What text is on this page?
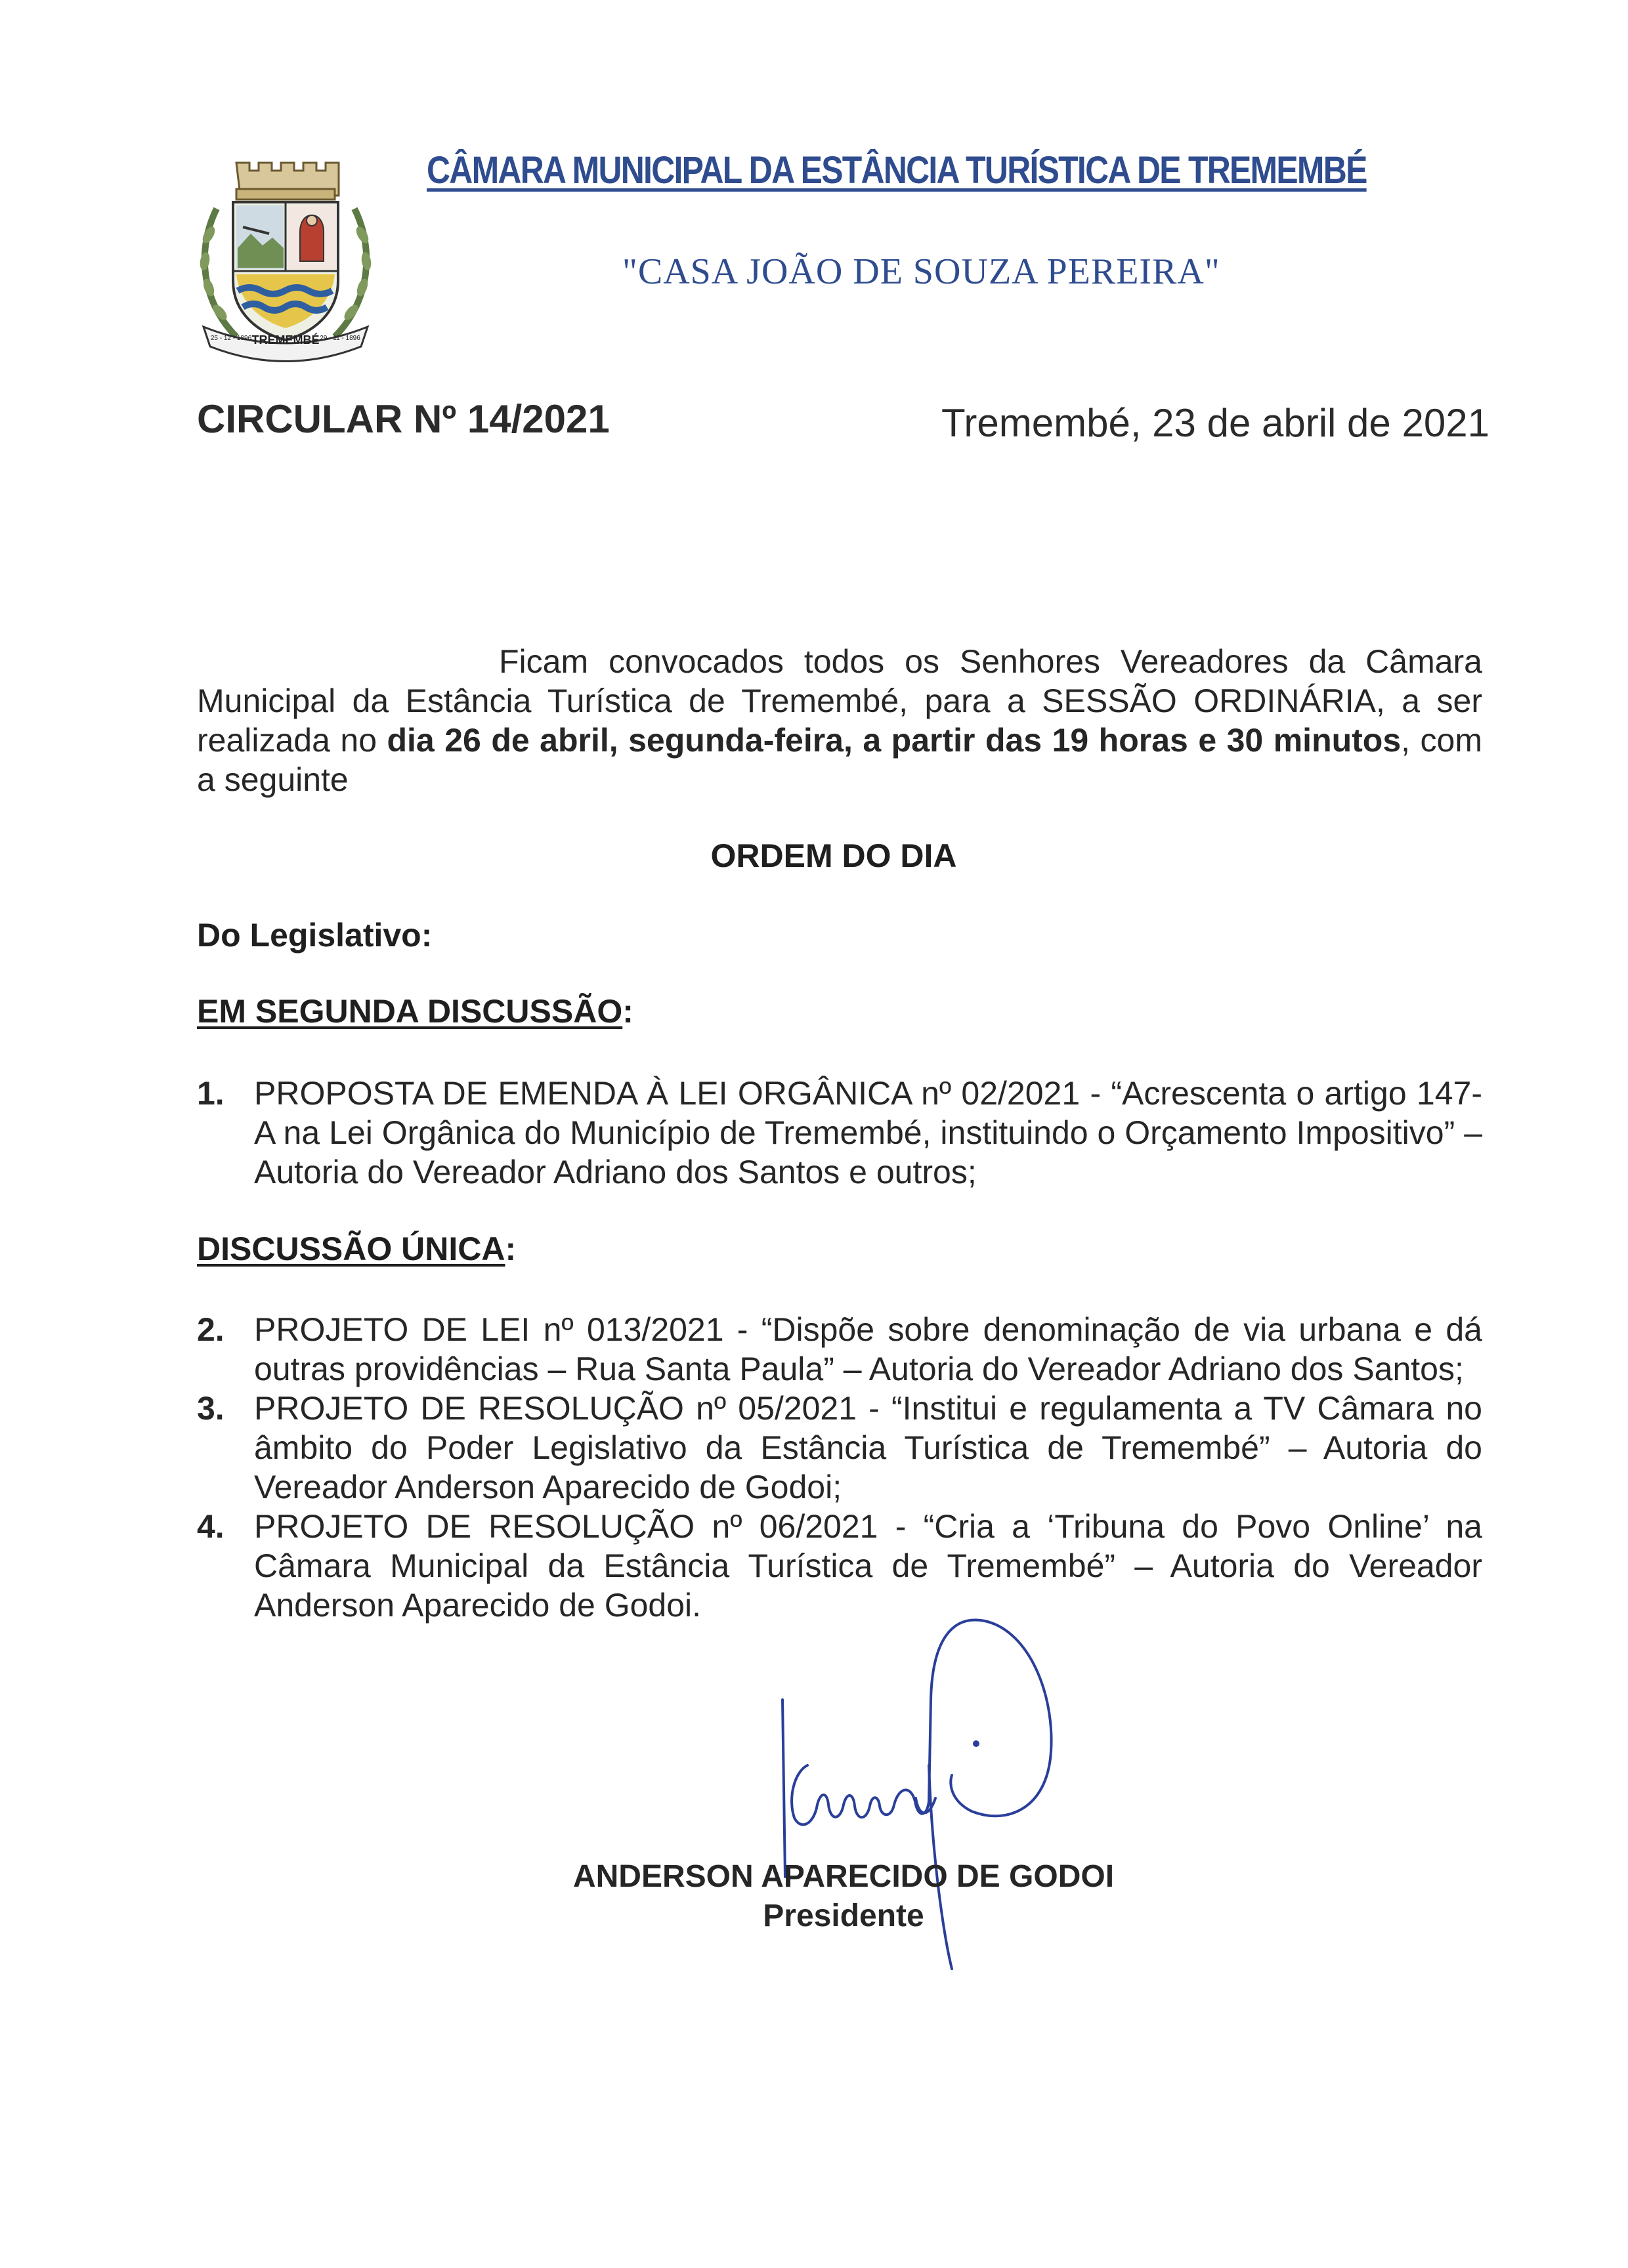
TREMEMBÉ
25 - 12 - 1896	29 - 11 - 1896
CÂMARA MUNICIPAL DA ESTÂNCIA TURÍSTICA DE TREMEMBÉ
"CASA JOÃO DE SOUZA PEREIRA"
CIRCULAR Nº 14/2021	Tremembé, 23 de abril de 2021
Ficam convocados todos os Senhores Vereadores da Câmara Municipal da Estância Turística de Tremembé, para a SESSÃO ORDINÁRIA, a ser realizada no dia 26 de abril, segunda-feira, a partir das 19 horas e 30 minutos, com a seguinte
ORDEM DO DIA
Do Legislativo:
EM SEGUNDA DISCUSSÃO:
1. PROPOSTA DE EMENDA À LEI ORGÂNICA nº 02/2021 - “Acrescenta o artigo 147-A na Lei Orgânica do Município de Tremembé, instituindo o Orçamento Impositivo” – Autoria do Vereador Adriano dos Santos e outros;
DISCUSSÃO ÚNICA:
2. PROJETO DE LEI nº 013/2021 - “Dispõe sobre denominação de via urbana e dá outras providências – Rua Santa Paula” – Autoria do Vereador Adriano dos Santos;
3. PROJETO DE RESOLUÇÃO nº 05/2021 - “Institui e regulamenta a TV Câmara no âmbito do Poder Legislativo da Estância Turística de Tremembé” – Autoria do Vereador Anderson Aparecido de Godoi;
4. PROJETO DE RESOLUÇÃO nº 06/2021 - “Cria a ‘Tribuna do Povo Online’ na Câmara Municipal da Estância Turística de Tremembé” – Autoria do Vereador Anderson Aparecido de Godoi.
ANDERSON APARECIDO DE GODOI
Presidente
